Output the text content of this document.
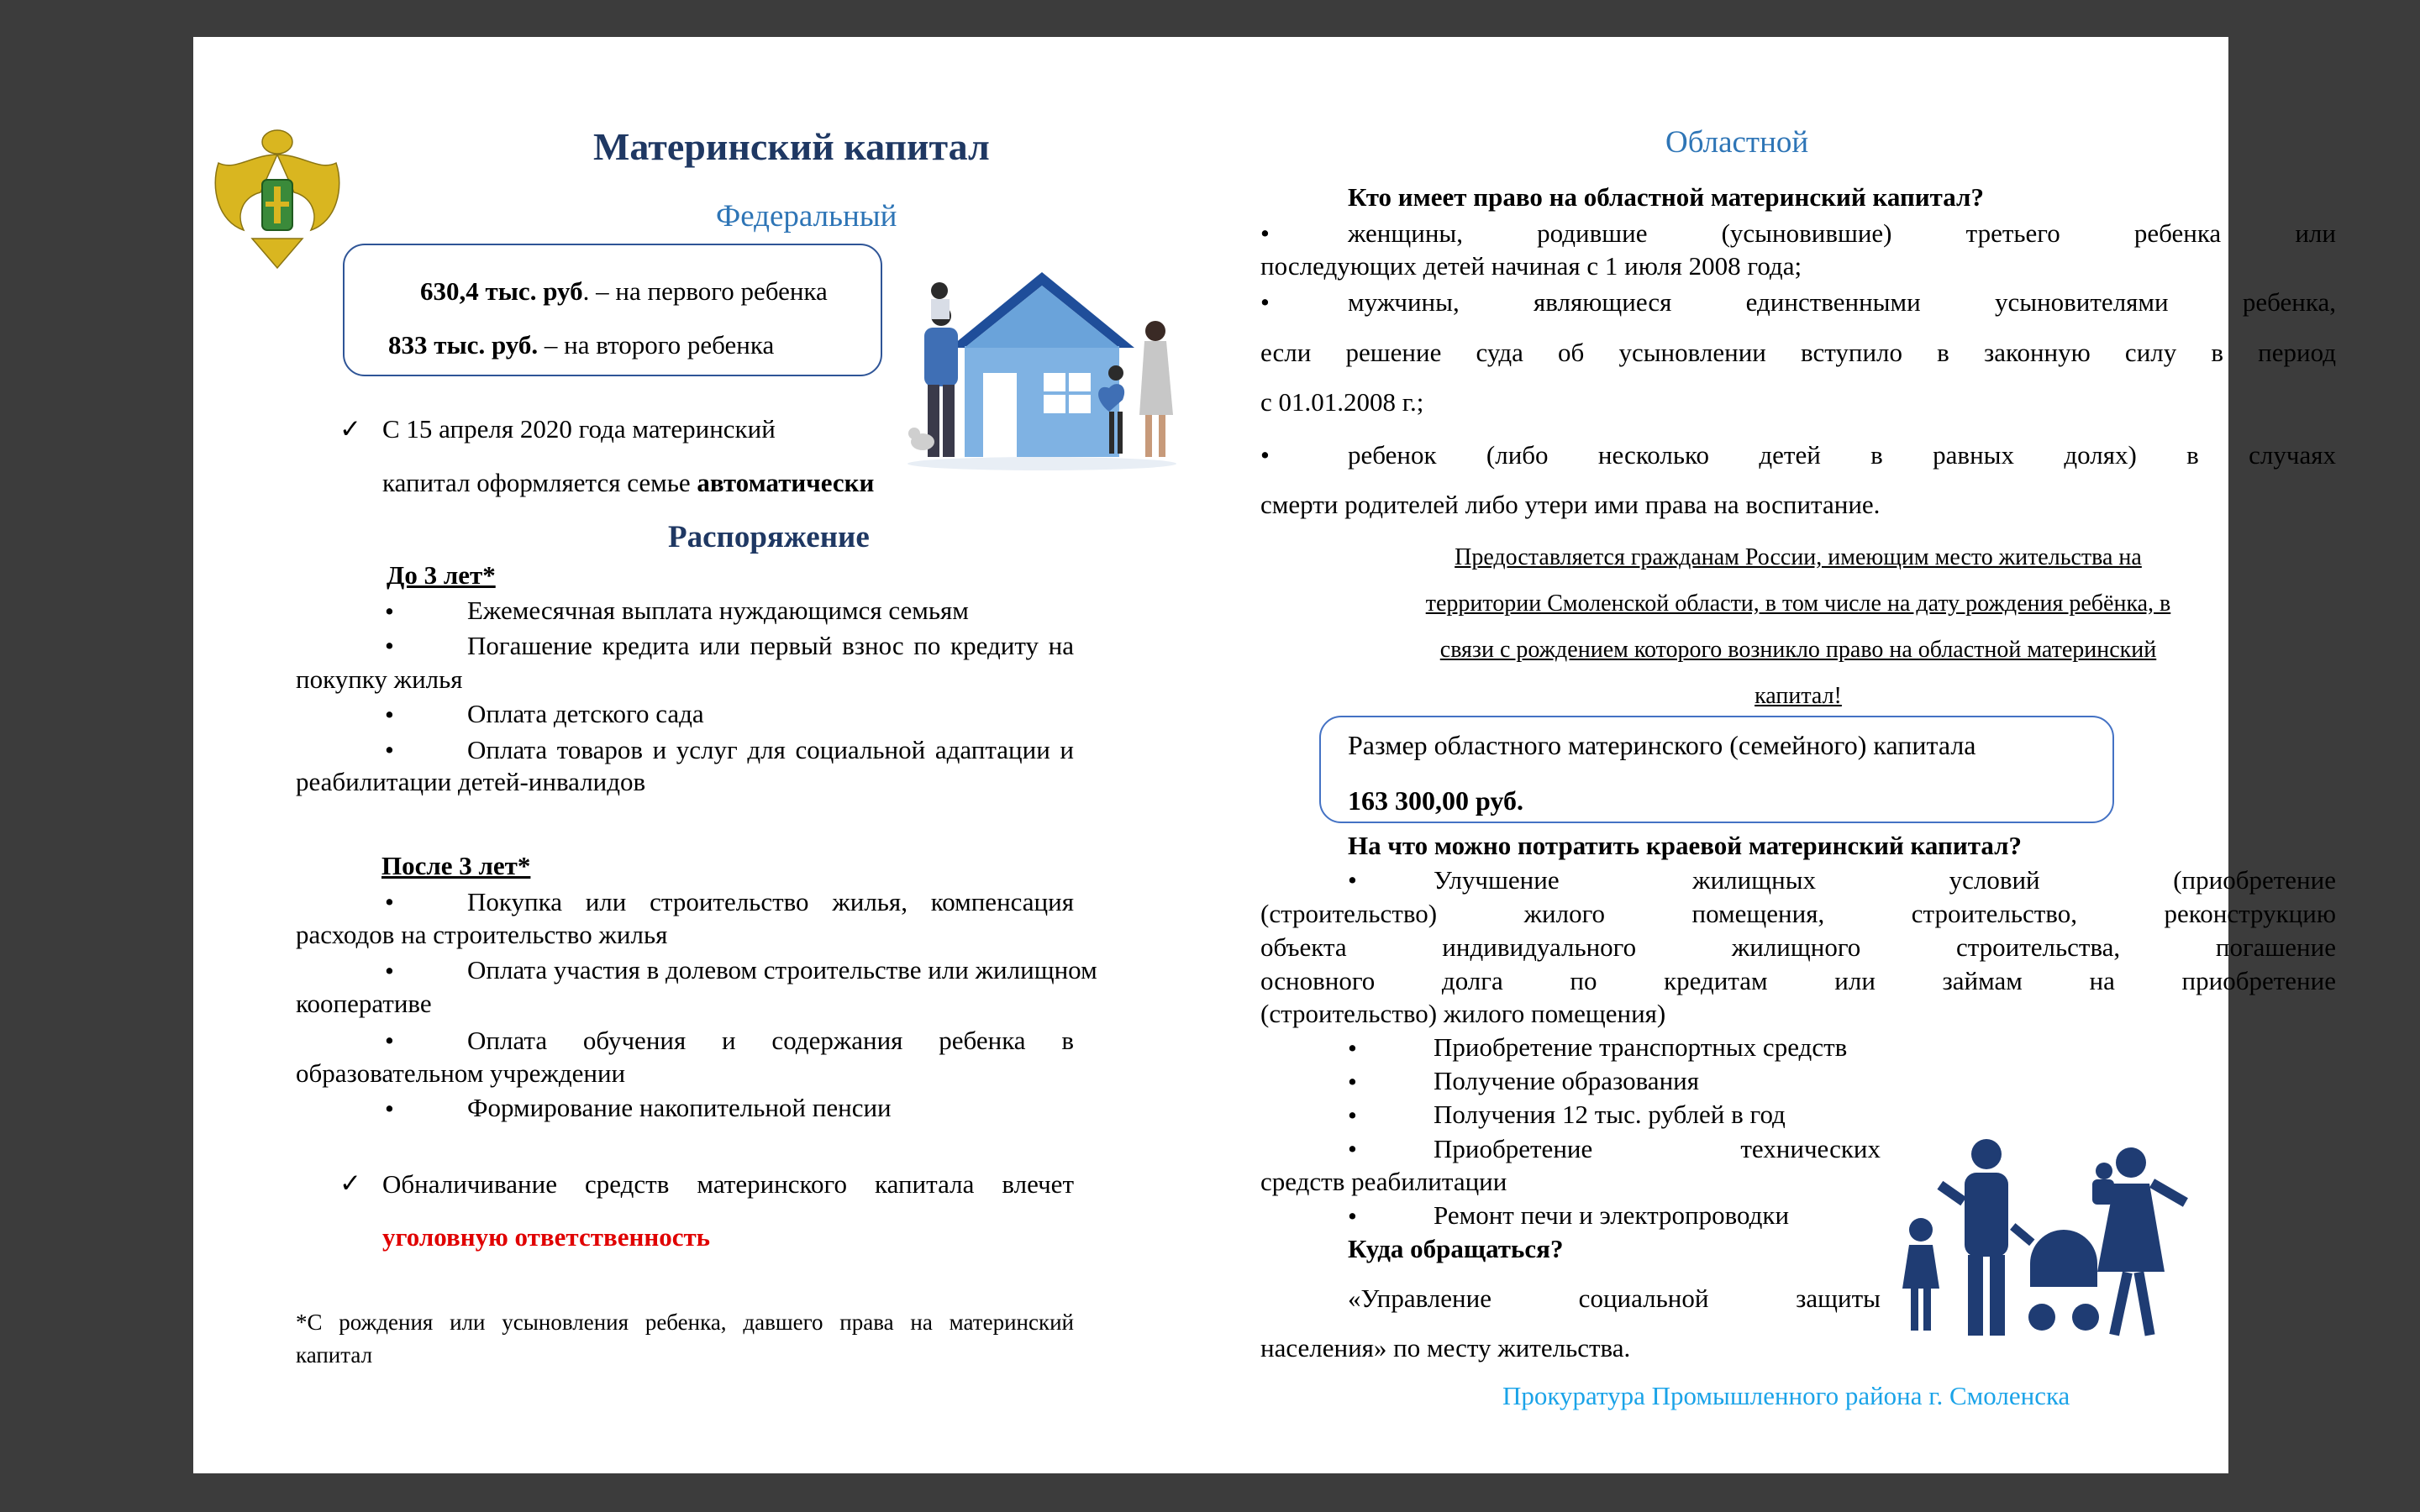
Материнский капитал
Федеральный
630,4 тыс. руб. – на первого ребенка
833 тыс. руб. – на второго ребенка
✓ С 15 апреля 2020 года материнский
капитал оформляется семье автоматически
Распоряжение
До 3 лет*
•	Ежемесячная выплата нуждающимся семьям
•	Погашение кредита или первый взнос по кредиту на
покупку жилья
•	Оплата детского сада
•	Оплата товаров и услуг для социальной адаптации и
реабилитации детей-инвалидов
После 3 лет*
•	Покупка или строительство жилья, компенсация
расходов на строительство жилья
•	Оплата участия в долевом строительстве или жилищном
кооперативе
•	Оплата обучения и содержания ребенка в
образовательном учреждении
•	Формирование накопительной пенсии
✓ Обналичивание средств материнского капитала влечет
уголовную ответственность
*С рождения или усыновления ребенка, давшего права на материнский
капитал
Областной
Кто имеет право на областной материнский капитал?
•	женщины, родившие (усыновившие) третьего ребенка или
последующих детей начиная с 1 июля 2008 года;
•	мужчины, являющиеся единственными усыновителями ребенка,
если решение суда об усыновлении вступило в законную силу в период
с 01.01.2008 г.;
•	ребенок (либо несколько детей в равных долях) в случаях
смерти родителей либо утери ими права на воспитание.
Предоставляется гражданам России, имеющим место жительства на
территории Смоленской области, в том числе на дату рождения ребёнка, в
связи с рождением которого возникло право на областной материнский
капитал!
Размер областного материнского (семейного) капитала
163 300,00 руб.
На что можно потратить краевой материнский капитал?
•	Улучшение жилищных условий (приобретение
(строительство) жилого помещения, строительство, реконструкцию
объекта индивидуального жилищного строительства, погашение
основного долга по кредитам или займам на приобретение
(строительство) жилого помещения)
•	Приобретение транспортных средств
•	Получение образования
•	Получения 12 тыс. рублей в год
•	Приобретение технических
средств реабилитации
•	Ремонт печи и электропроводки
Куда обращаться?
«Управление социальной защиты
населения» по месту жительства.
Прокуратура Промышленного района г. Смоленска
